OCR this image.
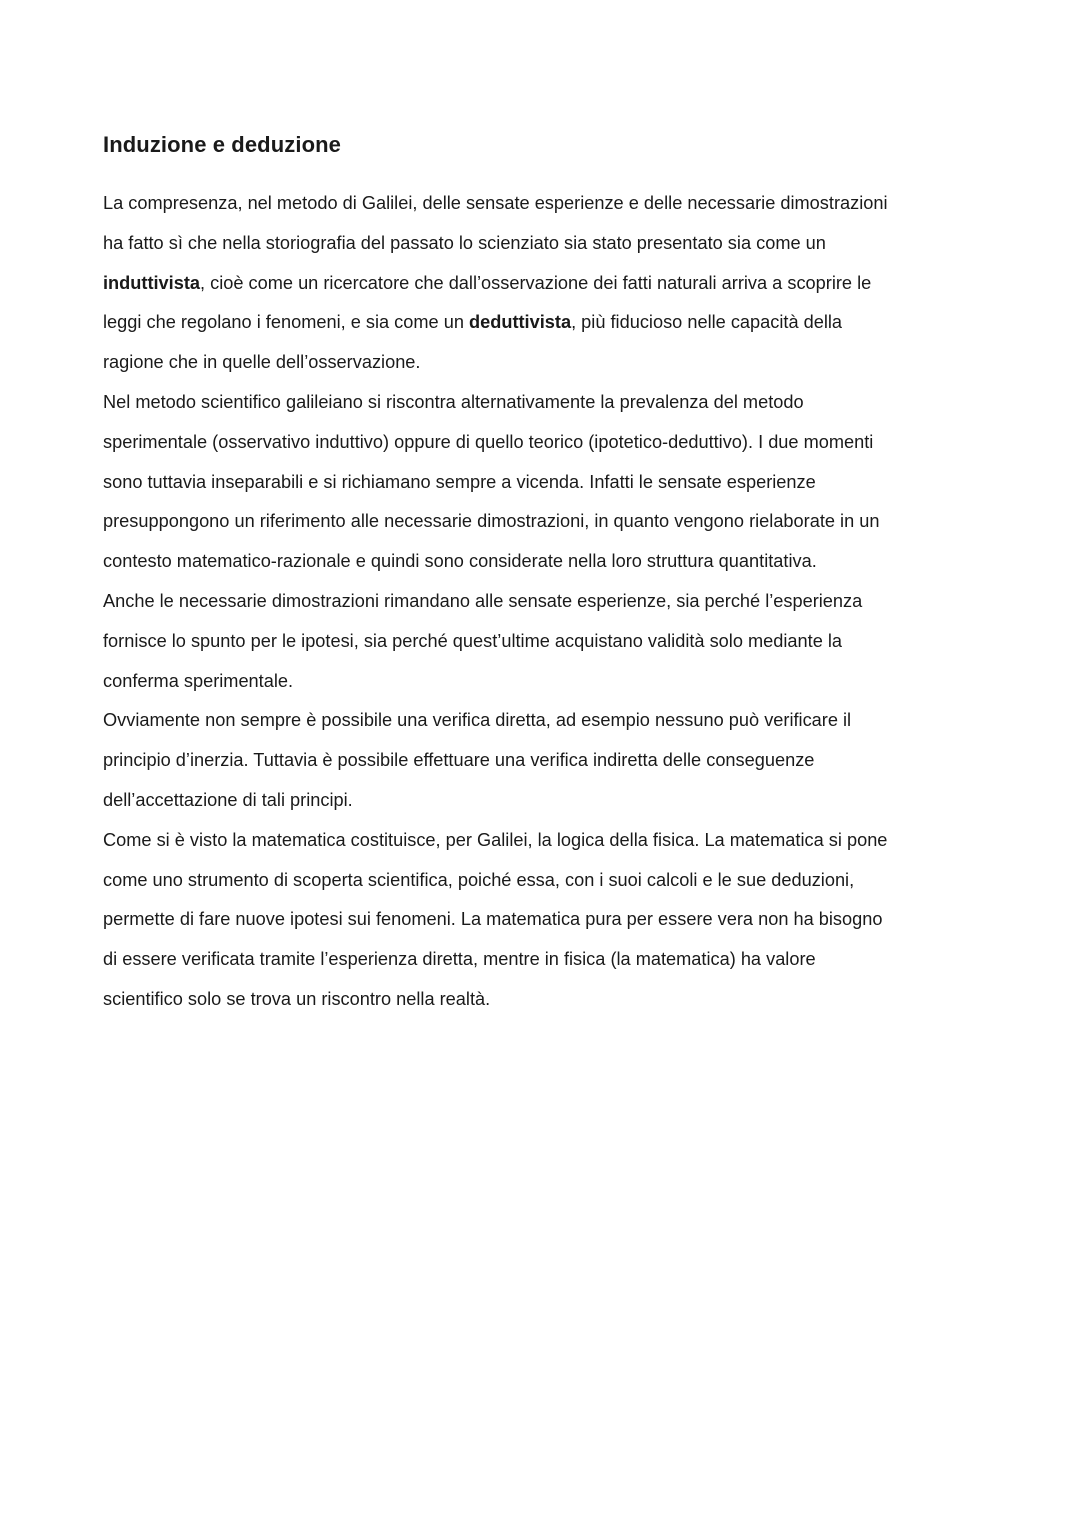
Induzione e deduzione

La compresenza, nel metodo di Galilei, delle sensate esperienze e delle necessarie dimostrazioni
ha fatto sì che nella storiografia del passato lo scienziato sia stato presentato sia come un
induttivista, cioè come un ricercatore che dall’osservazione dei fatti naturali arriva a scoprire le
leggi che regolano i fenomeni, e sia come un deduttivista, più fiducioso nelle capacità della
ragione che in quelle dell’osservazione.

Nel metodo scientifico galileiano si riscontra alternativamente la prevalenza del metodo
sperimentale (osservativo induttivo) oppure di quello teorico (ipotetico-deduttivo). I due momenti
sono tuttavia inseparabili e si richiamano sempre a vicenda. Infatti le sensate esperienze
presuppongono un riferimento alle necessarie dimostrazioni, in quanto vengono rielaborate in un
contesto matematico-razionale e quindi sono considerate nella loro struttura quantitativa.

Anche le necessarie dimostrazioni rimandano alle sensate esperienze, sia perché l’esperienza
fornisce lo spunto per le ipotesi, sia perché quest’ultime acquistano validità solo mediante la
conferma sperimentale.

Ovviamente non sempre è possibile una verifica diretta, ad esempio nessuno può verificare il
principio d’inerzia. Tuttavia è possibile effettuare una verifica indiretta delle conseguenze
dell’accettazione di tali principi.

Come si è visto la matematica costituisce, per Galilei, la logica della fisica. La matematica si pone
come uno strumento di scoperta scientifica, poiché essa, con i suoi calcoli e le sue deduzioni,
permette di fare nuove ipotesi sui fenomeni. La matematica pura per essere vera non ha bisogno
di essere verificata tramite l’esperienza diretta, mentre in fisica (la matematica) ha valore
scientifico solo se trova un riscontro nella realtà.
